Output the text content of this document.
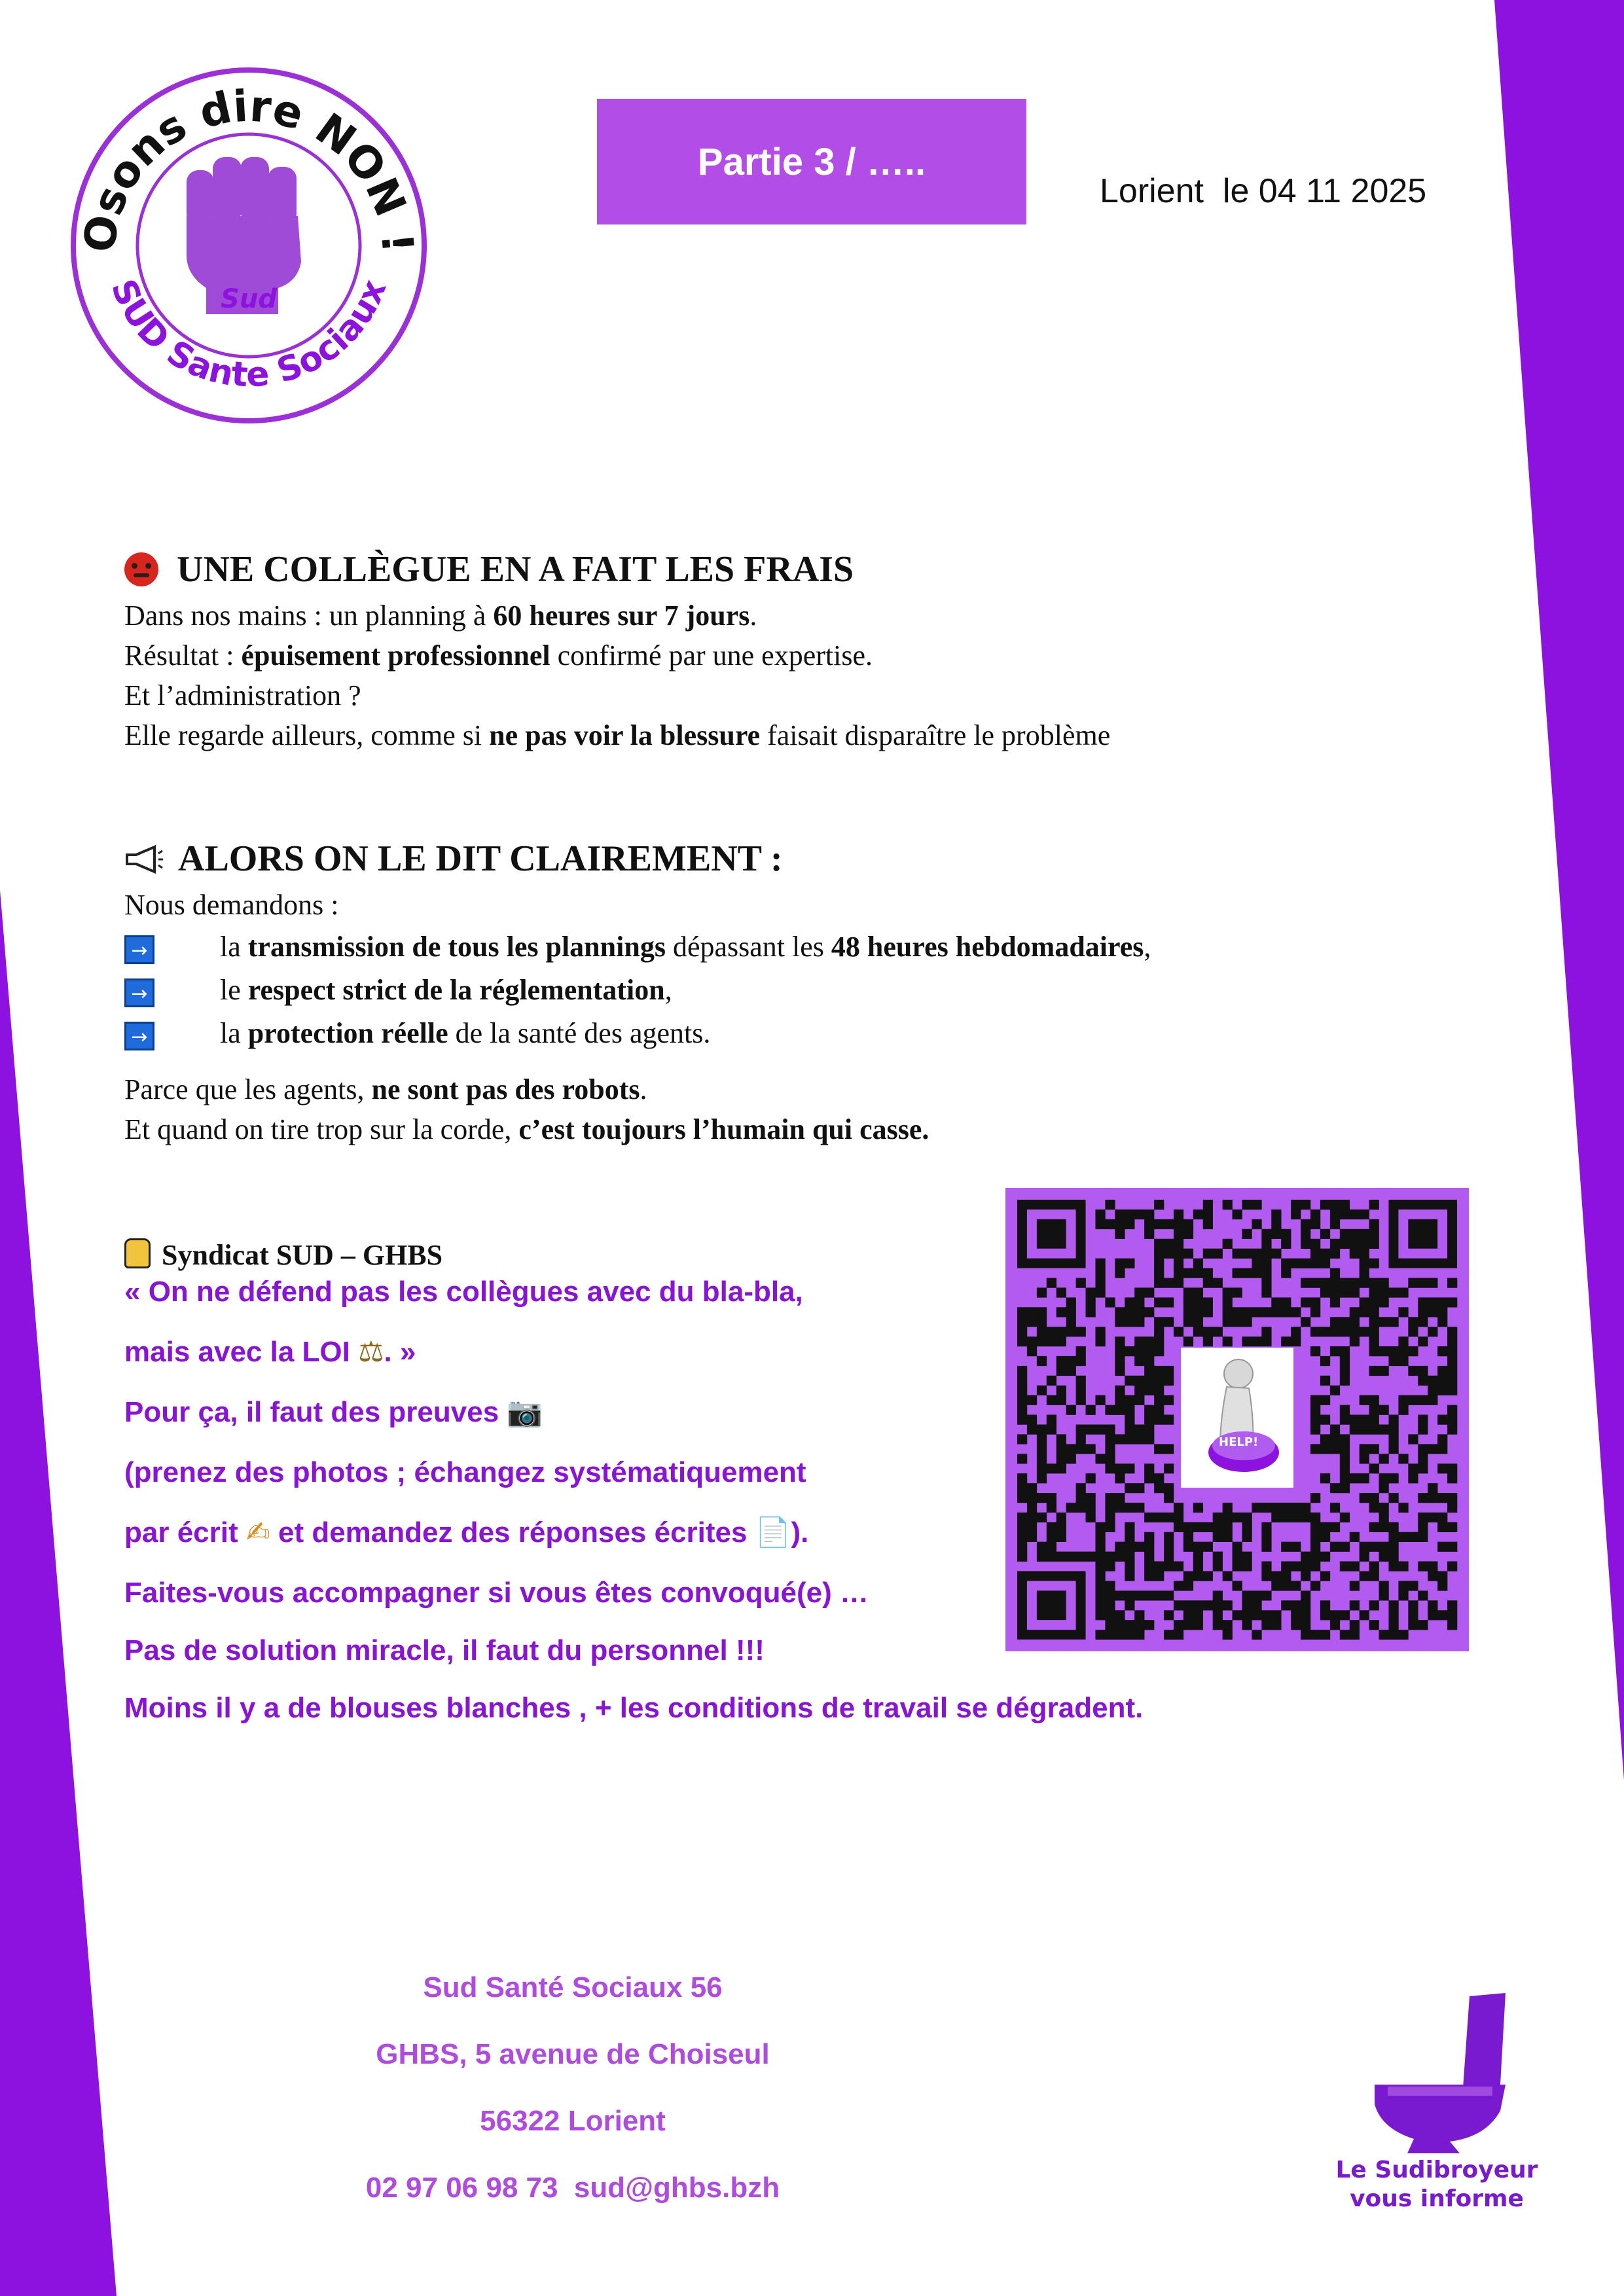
Osons dire NON !
SUD Sante Sociaux
Sud
Partie 3 / …..
Lorient  le 04 11 2025
UNE COLLÈGUE EN A FAIT LES FRAIS
Dans nos mains : un planning à 60 heures sur 7 jours.
Résultat : épuisement professionnel confirmé par une expertise.
Et l’administration ?
Elle regarde ailleurs, comme si ne pas voir la blessure faisait disparaître le problème
ALORS ON LE DIT CLAIREMENT :
Nous demandons :
→	la transmission de tous les plannings dépassant les 48 heures hebdomadaires,
→	le respect strict de la réglementation,
→	la protection réelle de la santé des agents.
Parce que les agents, ne sont pas des robots.
Et quand on tire trop sur la corde, c’est toujours l’humain qui casse.
Syndicat SUD – GHBS
« On ne défend pas les collègues avec du bla-bla,
mais avec la LOI ⚖. »
Pour ça, il faut des preuves 📷
(prenez des photos ; échangez systématiquement
par écrit ✍ et demandez des réponses écrites 📄).
Faites-vous accompagner si vous êtes convoqué(e) …
Pas de solution miracle, il faut du personnel !!!
Moins il y a de blouses blanches , + les conditions de travail se dégradent.
HELP!
Sud Santé Sociaux 56
GHBS, 5 avenue de Choiseul
56322 Lorient
02 97 06 98 73  sud@ghbs.bzh
Le Sudibroyeur
vous informe
